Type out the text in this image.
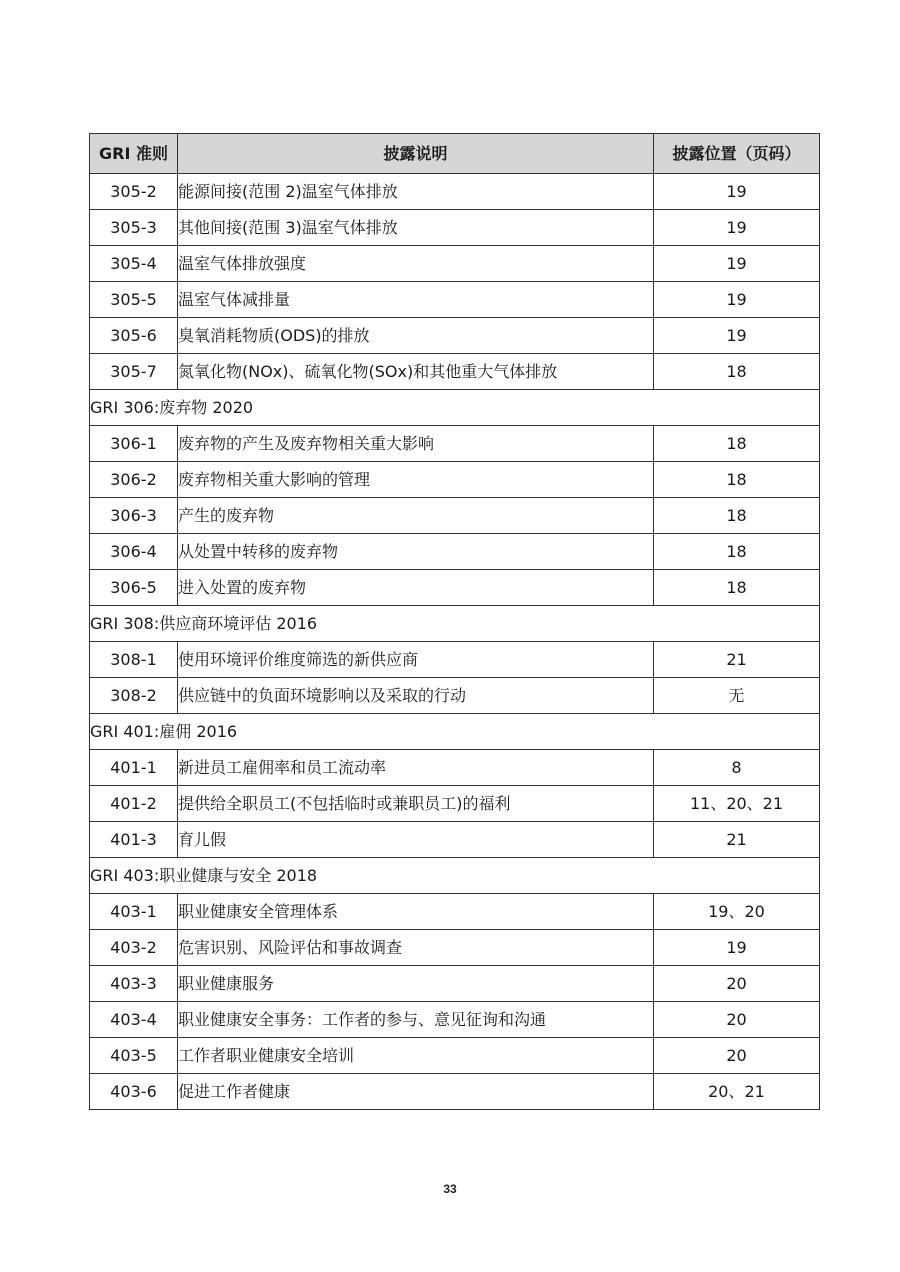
GRI 准则	披露说明	披露位置（页码）
305-2	能源间接(范围 2)温室气体排放	19
305-3	其他间接(范围 3)温室气体排放	19
305-4	温室气体排放强度	19
305-5	温室气体减排量	19
305-6	臭氧消耗物质(ODS)的排放	19
305-7	氮氧化物(NOx)、硫氧化物(SOx)和其他重大气体排放	18
GRI 306:废弃物 2020		
306-1	废弃物的产生及废弃物相关重大影响	18
306-2	废弃物相关重大影响的管理	18
306-3	产生的废弃物	18
306-4	从处置中转移的废弃物	18
306-5	进入处置的废弃物	18
GRI 308:供应商环境评估 2016		
308-1	使用环境评价维度筛选的新供应商	21
308-2	供应链中的负面环境影响以及采取的行动	无
GRI 401:雇佣 2016		
401-1	新进员工雇佣率和员工流动率	8
401-2	提供给全职员工(不包括临时或兼职员工)的福利	11、20、21
401-3	育儿假	21
GRI 403:职业健康与安全 2018		
403-1	职业健康安全管理体系	19、20
403-2	危害识别、风险评估和事故调查	19
403-3	职业健康服务	20
403-4	职业健康安全事务：工作者的参与、意见征询和沟通	20
403-5	工作者职业健康安全培训	20
403-6	促进工作者健康	20、21
33
